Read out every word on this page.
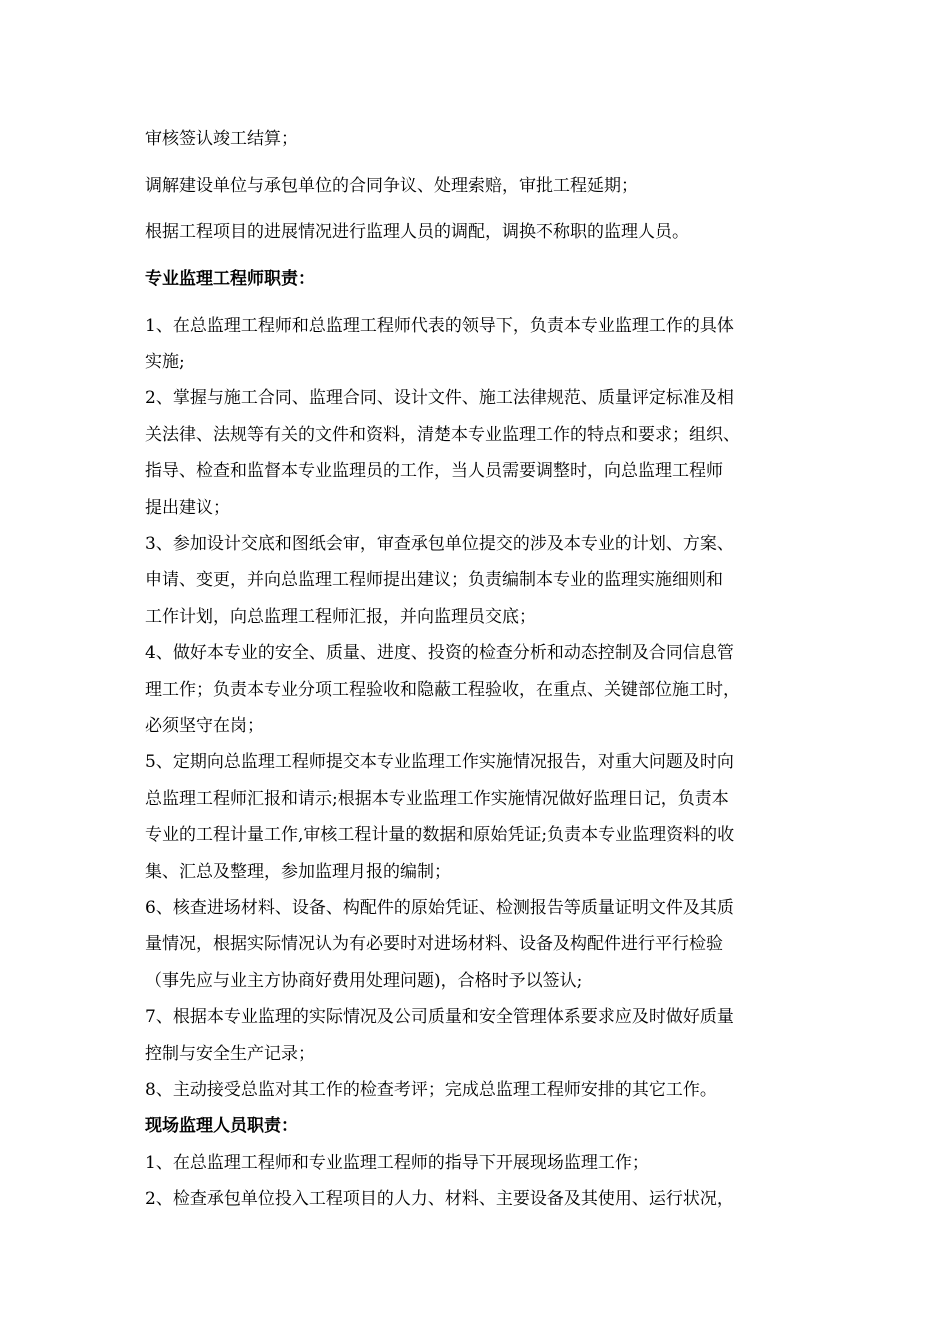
审核签认竣工结算；
调解建设单位与承包单位的合同争议、处理索赔，审批工程延期；
根据工程项目的进展情况进行监理人员的调配，调换不称职的监理人员。
专业监理工程师职责：
1、在总监理工程师和总监理工程师代表的领导下，负责本专业监理工作的具体
实施;
2、掌握与施工合同、监理合同、设计文件、施工法律规范、质量评定标准及相
关法律、法规等有关的文件和资料，清楚本专业监理工作的特点和要求；组织、
指导、检查和监督本专业监理员的工作，当人员需要调整时，向总监理工程师
提出建议；
3、参加设计交底和图纸会审，审查承包单位提交的涉及本专业的计划、方案、
申请、变更，并向总监理工程师提出建议；负责编制本专业的监理实施细则和
工作计划，向总监理工程师汇报，并向监理员交底；
4、做好本专业的安全、质量、进度、投资的检查分析和动态控制及合同信息管
理工作；负责本专业分项工程验收和隐蔽工程验收，在重点、关键部位施工时，
必须坚守在岗；
5、定期向总监理工程师提交本专业监理工作实施情况报告，对重大问题及时向
总监理工程师汇报和请示;根据本专业监理工作实施情况做好监理日记，负责本
专业的工程计量工作,审核工程计量的数据和原始凭证;负责本专业监理资料的收
集、汇总及整理，参加监理月报的编制；
6、核查进场材料、设备、构配件的原始凭证、检测报告等质量证明文件及其质
量情况，根据实际情况认为有必要时对进场材料、设备及构配件进行平行检验
（事先应与业主方协商好费用处理问题)，合格时予以签认;
7、根据本专业监理的实际情况及公司质量和安全管理体系要求应及时做好质量
控制与安全生产记录；
8、主动接受总监对其工作的检查考评；完成总监理工程师安排的其它工作。
现场监理人员职责：
1、在总监理工程师和专业监理工程师的指导下开展现场监理工作；
2、检查承包单位投入工程项目的人力、材料、主要设备及其使用、运行状况，
